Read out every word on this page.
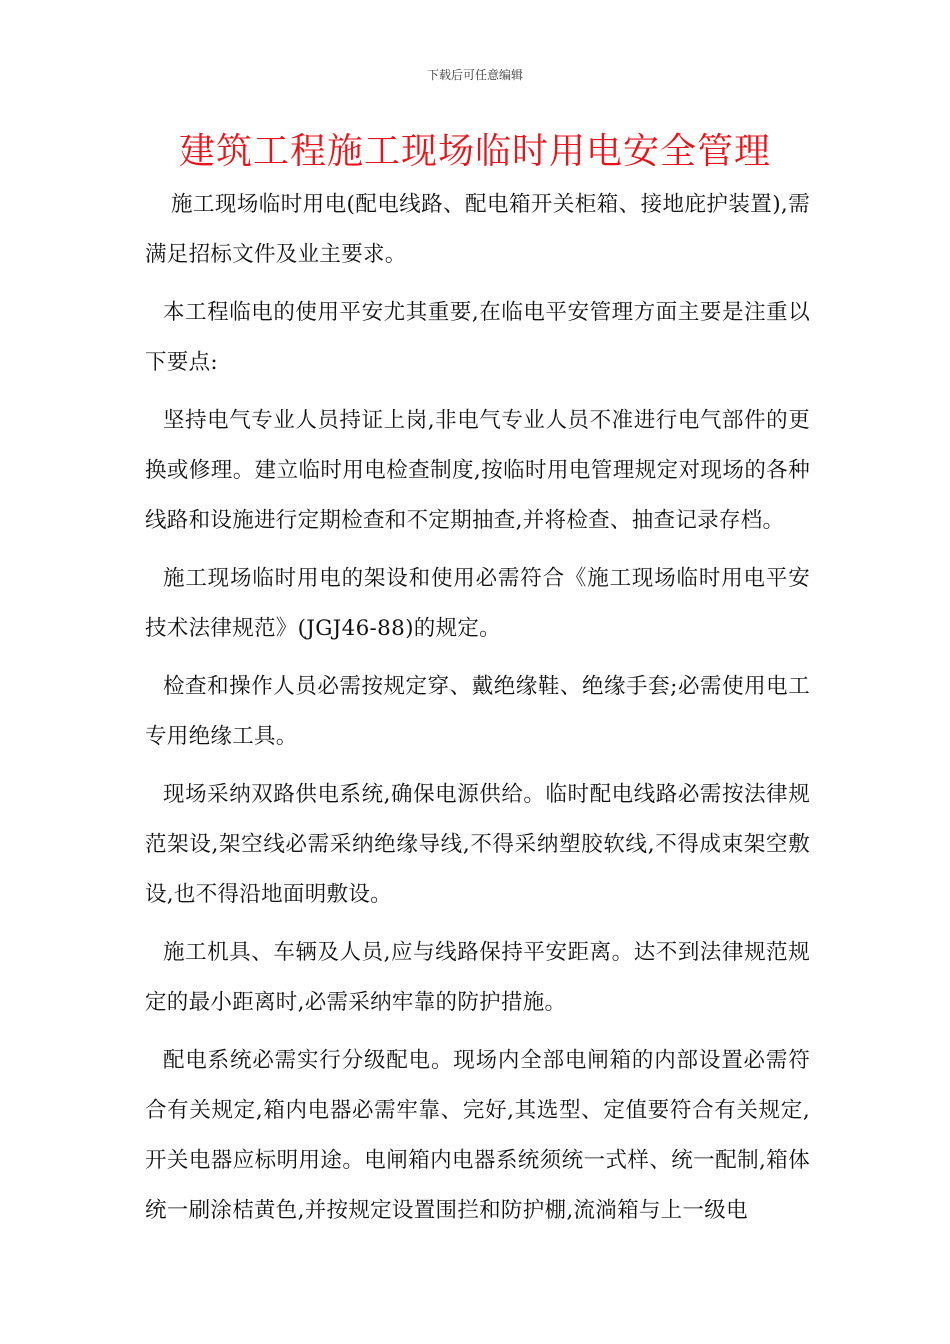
下载后可任意编辑
建筑工程施工现场临时用电安全管理

施工现场临时用电(配电线路、配电箱开关柜箱、接地庇护装置),需满足招标文件及业主要求。

本工程临电的使用平安尤其重要,在临电平安管理方面主要是注重以下要点:

坚持电气专业人员持证上岗,非电气专业人员不准进行电气部件的更换或修理。建立临时用电检查制度,按临时用电管理规定对现场的各种线路和设施进行定期检查和不定期抽查,并将检查、抽查记录存档。

施工现场临时用电的架设和使用必需符合《施工现场临时用电平安技术法律规范》(JGJ46-88)的规定。

检查和操作人员必需按规定穿、戴绝缘鞋、绝缘手套;必需使用电工专用绝缘工具。

现场采纳双路供电系统,确保电源供给。临时配电线路必需按法律规范架设,架空线必需采纳绝缘导线,不得采纳塑胶软线,不得成束架空敷设,也不得沿地面明敷设。

施工机具、车辆及人员,应与线路保持平安距离。达不到法律规范规定的最小距离时,必需采纳牢靠的防护措施。

配电系统必需实行分级配电。现场内全部电闸箱的内部设置必需符合有关规定,箱内电器必需牢靠、完好,其选型、定值要符合有关规定,开关电器应标明用途。电闸箱内电器系统须统一式样、统一配制,箱体统一刷涂桔黄色,并按规定设置围拦和防护棚,流淌箱与上一级电
